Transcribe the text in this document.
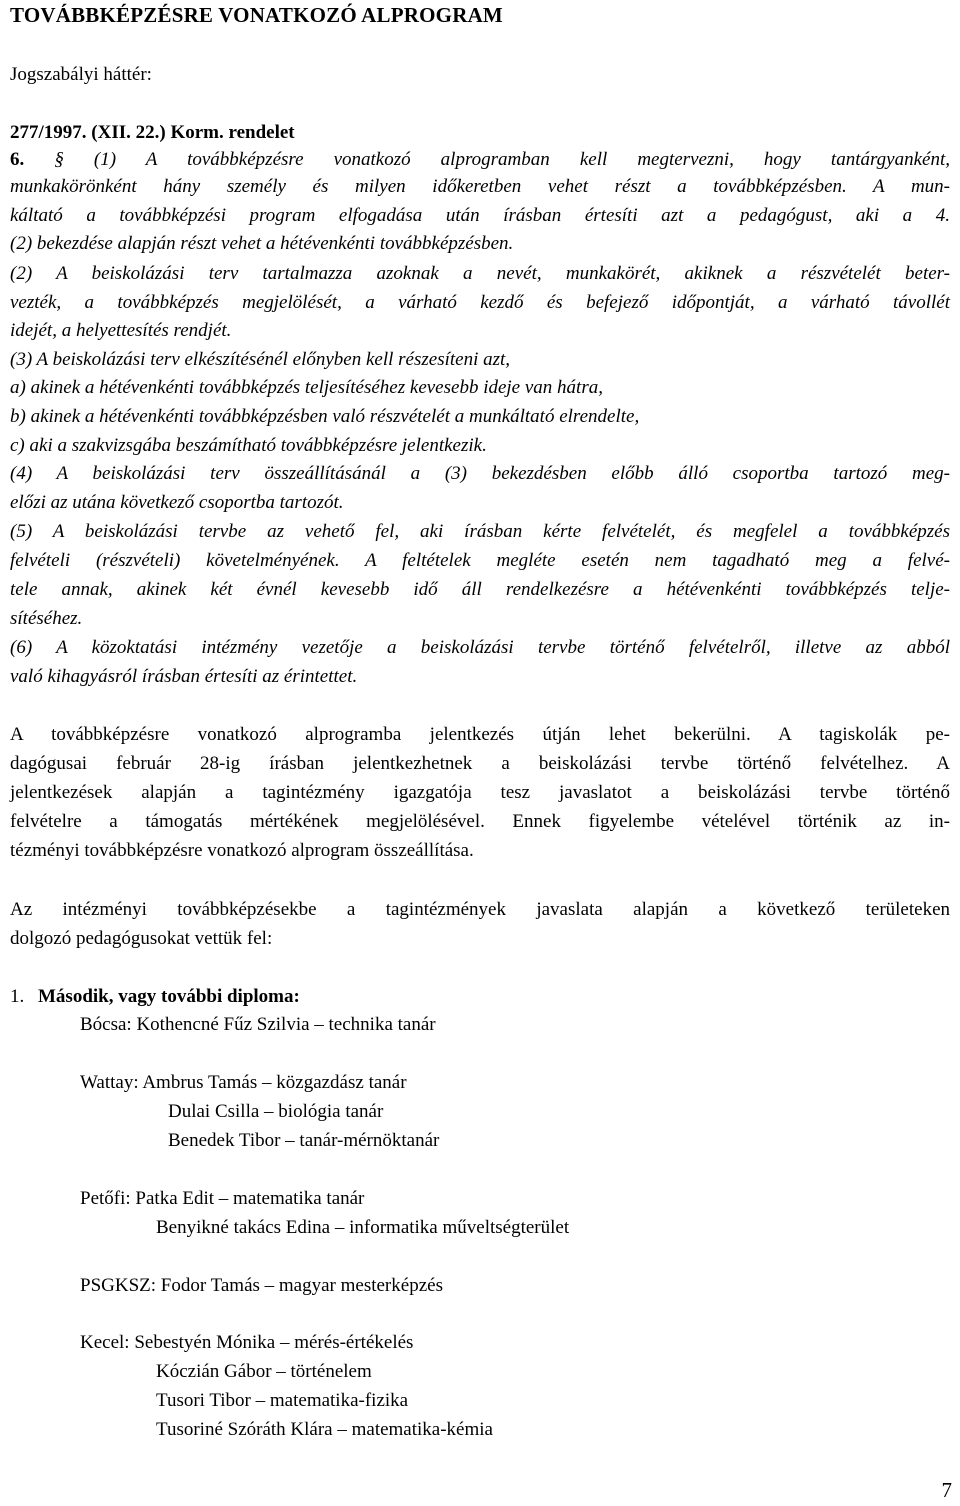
TOVÁBBKÉPZÉSRE VONATKOZÓ ALPROGRAM
Jogszabályi háttér:
277/1997. (XII. 22.) Korm. rendelet
6. § (1) A továbbképzésre vonatkozó alprogramban kell megtervezni, hogy tantárgyanként,
munkakörönként hány személy és milyen időkeretben vehet részt a továbbképzésben. A mun-
káltató a továbbképzési program elfogadása után írásban értesíti azt a pedagógust, aki a 4.
(2) bekezdése alapján részt vehet a hétévenkénti továbbképzésben.
(2) A beiskolázási terv tartalmazza azoknak a nevét, munkakörét, akiknek a részvételét beter-
vezték, a továbbképzés megjelölését, a várható kezdő és befejező időpontját, a várható távollét
idejét, a helyettesítés rendjét.
(3) A beiskolázási terv elkészítésénél előnyben kell részesíteni azt,
a) akinek a hétévenkénti továbbképzés teljesítéséhez kevesebb ideje van hátra,
b) akinek a hétévenkénti továbbképzésben való részvételét a munkáltató elrendelte,
c) aki a szakvizsgába beszámítható továbbképzésre jelentkezik.
(4) A beiskolázási terv összeállításánál a (3) bekezdésben előbb álló csoportba tartozó meg-
előzi az utána következő csoportba tartozót.
(5) A beiskolázási tervbe az vehető fel, aki írásban kérte felvételét, és megfelel a továbbképzés
felvételi (részvételi) követelményének. A feltételek megléte esetén nem tagadható meg a felvé-
tele annak, akinek két évnél kevesebb idő áll rendelkezésre a hétévenkénti továbbképzés telje-
sítéséhez.
(6) A közoktatási intézmény vezetője a beiskolázási tervbe történő felvételről, illetve az abból
való kihagyásról írásban értesíti az érintettet.
A továbbképzésre vonatkozó alprogramba jelentkezés útján lehet bekerülni. A tagiskolák pe-
dagógusai február 28-ig írásban jelentkezhetnek a beiskolázási tervbe történő felvételhez. A
jelentkezések alapján a tagintézmény igazgatója tesz javaslatot a beiskolázási tervbe történő
felvételre a támogatás mértékének megjelölésével. Ennek figyelembe vételével történik az in-
tézményi továbbképzésre vonatkozó alprogram összeállítása.
Az intézményi továbbképzésekbe a tagintézmények javaslata alapján a következő területeken
dolgozó pedagógusokat vettük fel:
1. Második, vagy további diploma:
Bócsa: Kothencné Fűz Szilvia – technika tanár
Wattay: Ambrus Tamás – közgazdász tanár
Dulai Csilla – biológia tanár
Benedek Tibor – tanár-mérnöktanár
Petőfi: Patka Edit – matematika tanár
Benyikné takács Edina – informatika műveltségterület
PSGKSZ: Fodor Tamás – magyar mesterképzés
Kecel: Sebestyén Mónika – mérés-értékelés
Kóczián Gábor – történelem
Tusori Tibor – matematika-fizika
Tusoriné Szóráth Klára – matematika-kémia
7
